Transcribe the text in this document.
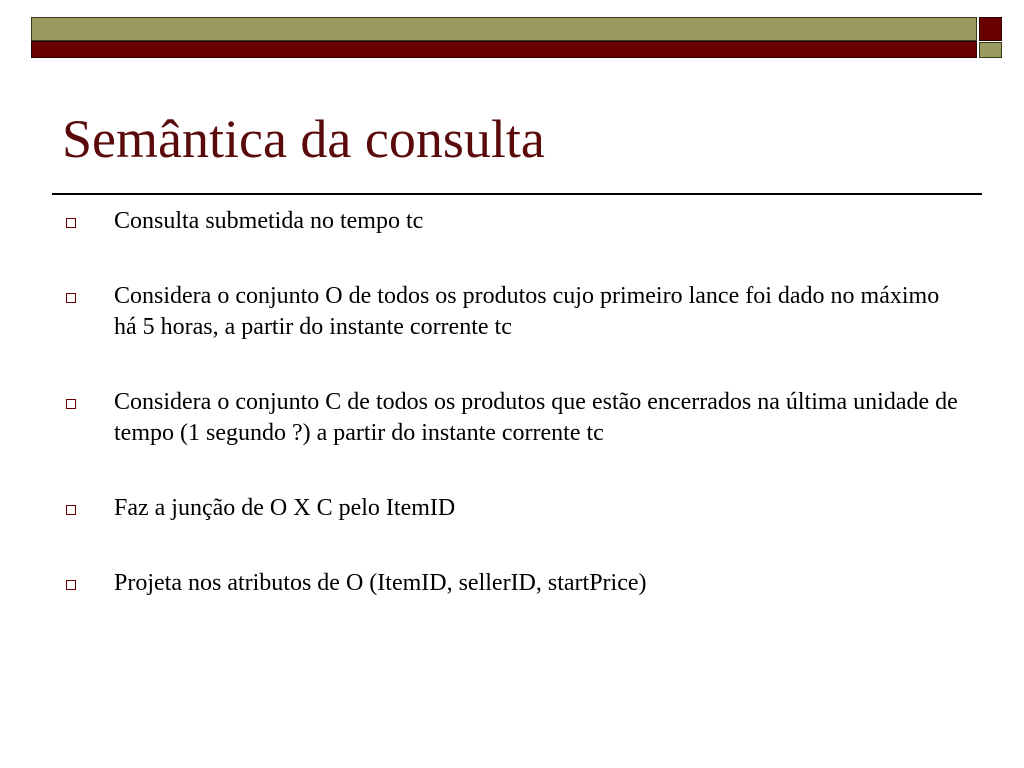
Semântica da consulta
Consulta submetida no tempo tc
Considera o conjunto O de todos os produtos cujo primeiro lance foi dado no máximo há 5 horas, a partir do instante corrente tc
Considera o conjunto C de todos os produtos que estão encerrados na última unidade de tempo (1 segundo ?) a partir do instante corrente tc
Faz a junção de O X C pelo ItemID
Projeta nos atributos de O (ItemID, sellerID, startPrice)
